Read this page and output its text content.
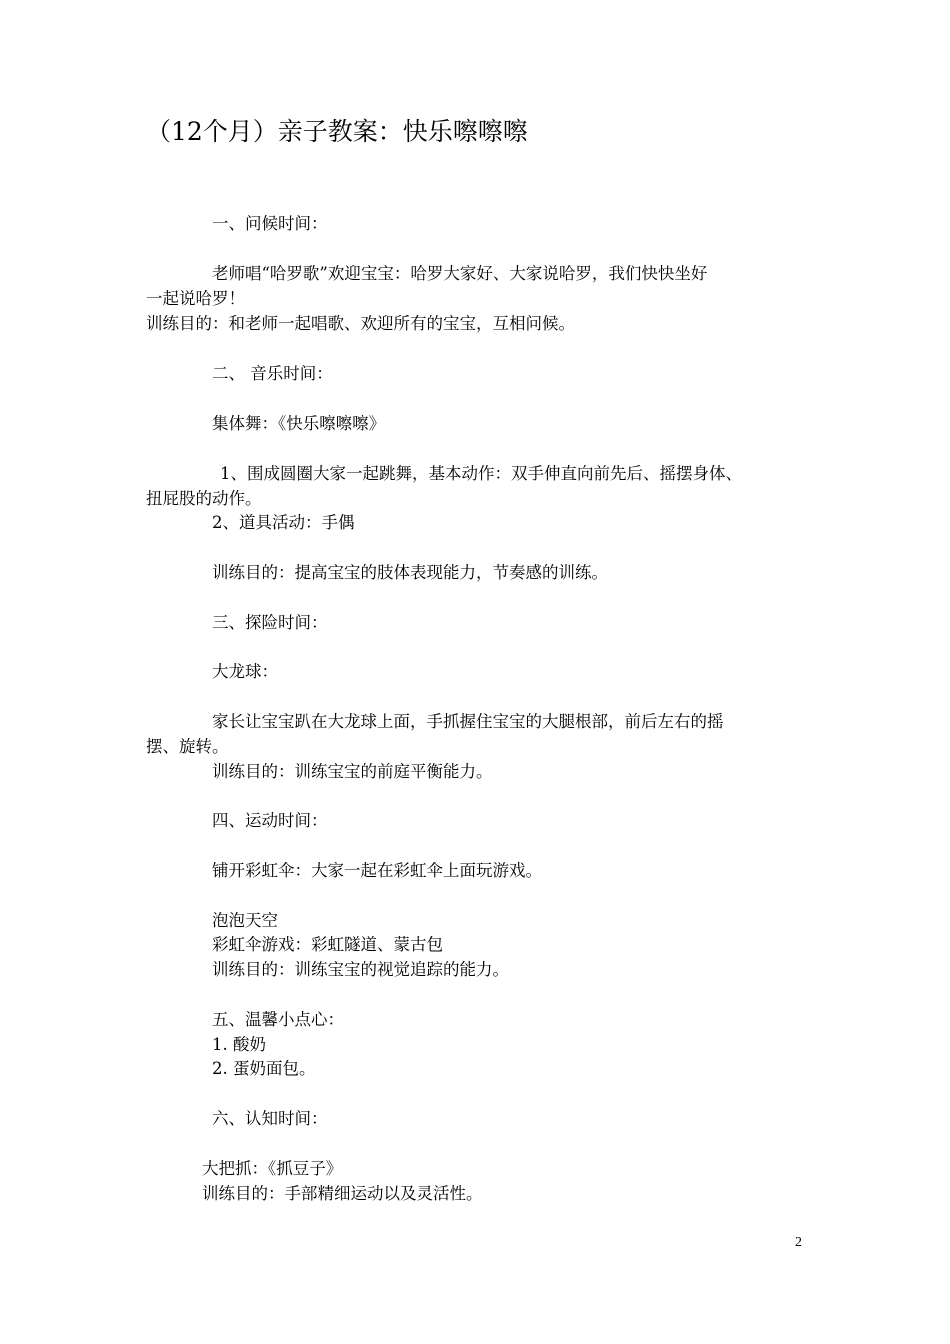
（12个月）亲子教案：快乐嚓嚓嚓
一、问候时间：
老师唱“哈罗歌”欢迎宝宝：哈罗大家好、大家说哈罗，我们快快坐好
一起说哈罗！
训练目的：和老师一起唱歌、欢迎所有的宝宝，互相问候。
二、 音乐时间：
集体舞：《快乐嚓嚓嚓》
1、围成圆圈大家一起跳舞，基本动作：双手伸直向前先后、摇摆身体、
扭屁股的动作。
2、道具活动：手偶
训练目的：提高宝宝的肢体表现能力，节奏感的训练。
三、探险时间：
大龙球：
家长让宝宝趴在大龙球上面，手抓握住宝宝的大腿根部，前后左右的摇
摆、旋转。
训练目的：训练宝宝的前庭平衡能力。
四、运动时间：
铺开彩虹伞：大家一起在彩虹伞上面玩游戏。
泡泡天空
彩虹伞游戏：彩虹隧道、蒙古包
训练目的：训练宝宝的视觉追踪的能力。
五、温馨小点心：
1. 酸奶
2. 蛋奶面包。
六、认知时间：
大把抓：《抓豆子》
训练目的：手部精细运动以及灵活性。
2
